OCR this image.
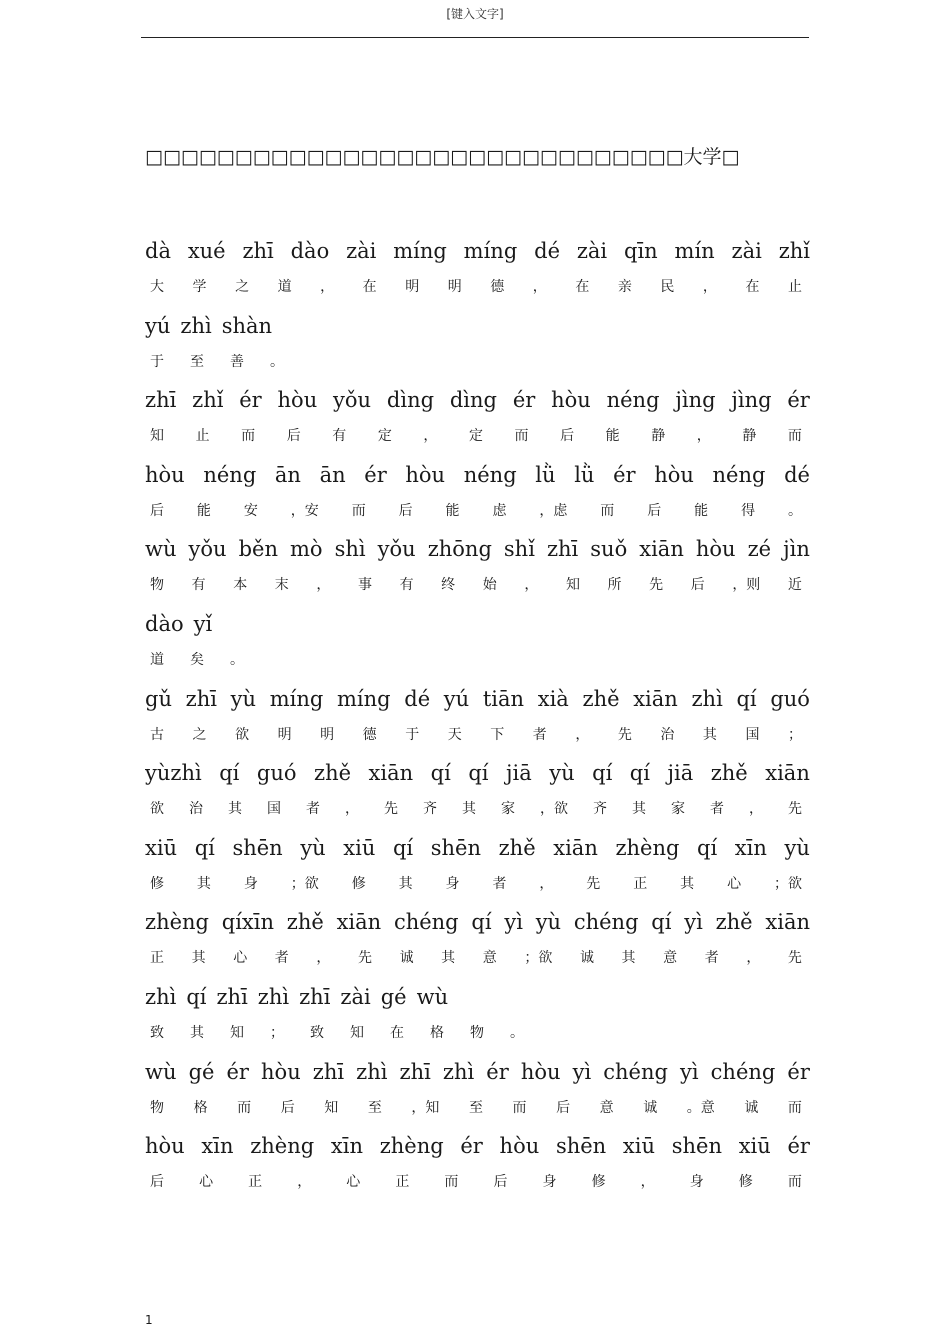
[键入文字]
□□□□□□□□□□□□□□□□□□□□□□□□□□□□□□大学□
dà xué zhī dào zài míng míng dé zài qīn mín zài zhǐ
大 学 之 道 ， 在 明 明 德 ， 在 亲 民 ， 在 止
yú zhì shàn
于 至 善 。
zhī zhǐ ér hòu yǒu dìng dìng ér hòu néng jìng jìng ér
知 止 而 后 有 定 ， 定 而 后 能 静 ， 静 而
hòu néng ān ān ér hòu néng lǜ lǜ ér hòu néng dé
后 能 安 ，安 而 后 能 虑 ，虑 而 后 能 得 。
wù yǒu běn mò shì yǒu zhōng shǐ zhī suǒ xiān hòu zé jìn
物 有 本 末 ， 事 有 终 始 ， 知 所 先 后 ，则 近
dào yǐ
道 矣 。
gǔ zhī yù míng míng dé yú tiān xià zhě xiān zhì qí guó
古 之 欲 明 明 德 于 天 下 者 ， 先 治 其 国 ；
yùzhì qí guó zhě xiān qí qí jiā yù qí qí jiā zhě xiān
欲 治 其 国 者 ， 先 齐 其 家 ，欲 齐 其 家 者 ， 先
xiū qí shēn yù xiū qí shēn zhě xiān zhèng qí xīn yù
修 其 身 ；欲 修 其 身 者 ， 先 正 其 心 ；欲
zhèng qíxīn zhě xiān chéng qí yì yù chéng qí yì zhě xiān
正 其 心 者 ， 先 诚 其 意 ；欲 诚 其 意 者 ， 先
zhì qí zhī zhì zhī zài gé wù
致 其 知 ； 致 知 在 格 物 。
wù gé ér hòu zhī zhì zhī zhì ér hòu yì chéng yì chéng ér
物 格 而 后 知 至 ，知 至 而 后 意 诚 。意 诚 而
hòu xīn zhèng xīn zhèng ér hòu shēn xiū shēn xiū ér
后	心	正	，	心	正	而	后	身	修	，	身	修	而
1
